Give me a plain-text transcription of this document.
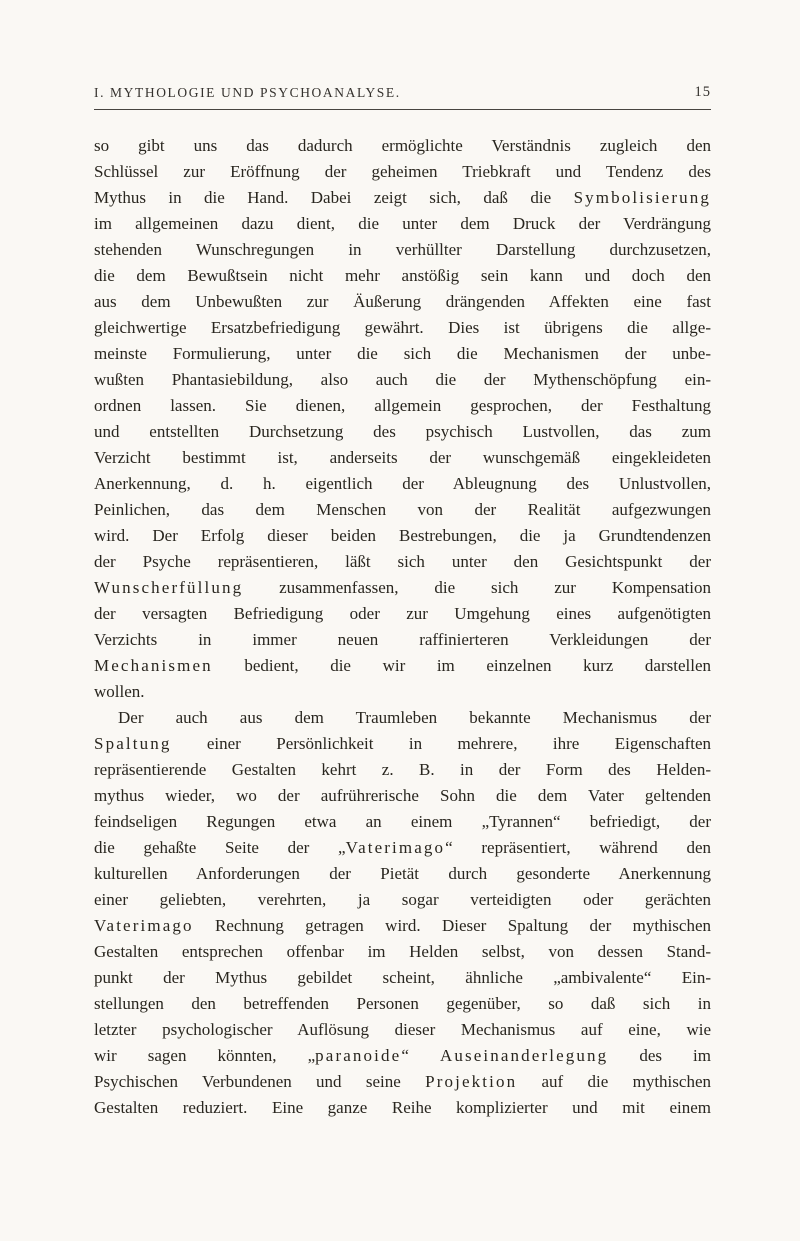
I. MYTHOLOGIE UND PSYCHOANALYSE.	15
so gibt uns das dadurch ermöglichte Verständnis zugleich den
Schlüssel zur Eröffnung der geheimen Triebkraft und Tendenz des
Mythus in die Hand. Dabei zeigt sich, daß die Symbolisierung
im allgemeinen dazu dient, die unter dem Druck der Verdrängung
stehenden Wunschregungen in verhüllter Darstellung durchzusetzen,
die dem Bewußtsein nicht mehr anstößig sein kann und doch den
aus dem Unbewußten zur Äußerung drängenden Affekten eine fast
gleichwertige Ersatzbefriedigung gewährt. Dies ist übrigens die allge-
meinste Formulierung, unter die sich die Mechanismen der unbe-
wußten Phantasiebildung, also auch die der Mythenschöpfung ein-
ordnen lassen. Sie dienen, allgemein gesprochen, der Festhaltung
und entstellten Durchsetzung des psychisch Lustvollen, das zum
Verzicht bestimmt ist, anderseits der wunschgemäß eingekleideten
Anerkennung, d. h. eigentlich der Ableugnung des Unlustvollen,
Peinlichen, das dem Menschen von der Realität aufgezwungen
wird. Der Erfolg dieser beiden Bestrebungen, die ja Grundtendenzen
der Psyche repräsentieren, läßt sich unter den Gesichtspunkt der
Wunscherfüllung zusammenfassen, die sich zur Kompensation
der versagten Befriedigung oder zur Umgehung eines aufgenötigten
Verzichts in immer neuen raffinierteren Verkleidungen der
Mechanismen bedient, die wir im einzelnen kurz darstellen
wollen.
Der auch aus dem Traumleben bekannte Mechanismus der
Spaltung einer Persönlichkeit in mehrere, ihre Eigenschaften
repräsentierende Gestalten kehrt z. B. in der Form des Helden-
mythus wieder, wo der aufrührerische Sohn die dem Vater geltenden
feindseligen Regungen etwa an einem „Tyrannen“ befriedigt, der
die gehaßte Seite der „Vaterimago“ repräsentiert, während den
kulturellen Anforderungen der Pietät durch gesonderte Anerkennung
einer geliebten, verehrten, ja sogar verteidigten oder gerächten
Vaterimago Rechnung getragen wird. Dieser Spaltung der mythischen
Gestalten entsprechen offenbar im Helden selbst, von dessen Stand-
punkt der Mythus gebildet scheint, ähnliche „ambivalente“ Ein-
stellungen den betreffenden Personen gegenüber, so daß sich in
letzter psychologischer Auflösung dieser Mechanismus auf eine, wie
wir sagen könnten, „paranoide“ Auseinanderlegung des im
Psychischen Verbundenen und seine Projektion auf die mythischen
Gestalten reduziert. Eine ganze Reihe komplizierter und mit einem
